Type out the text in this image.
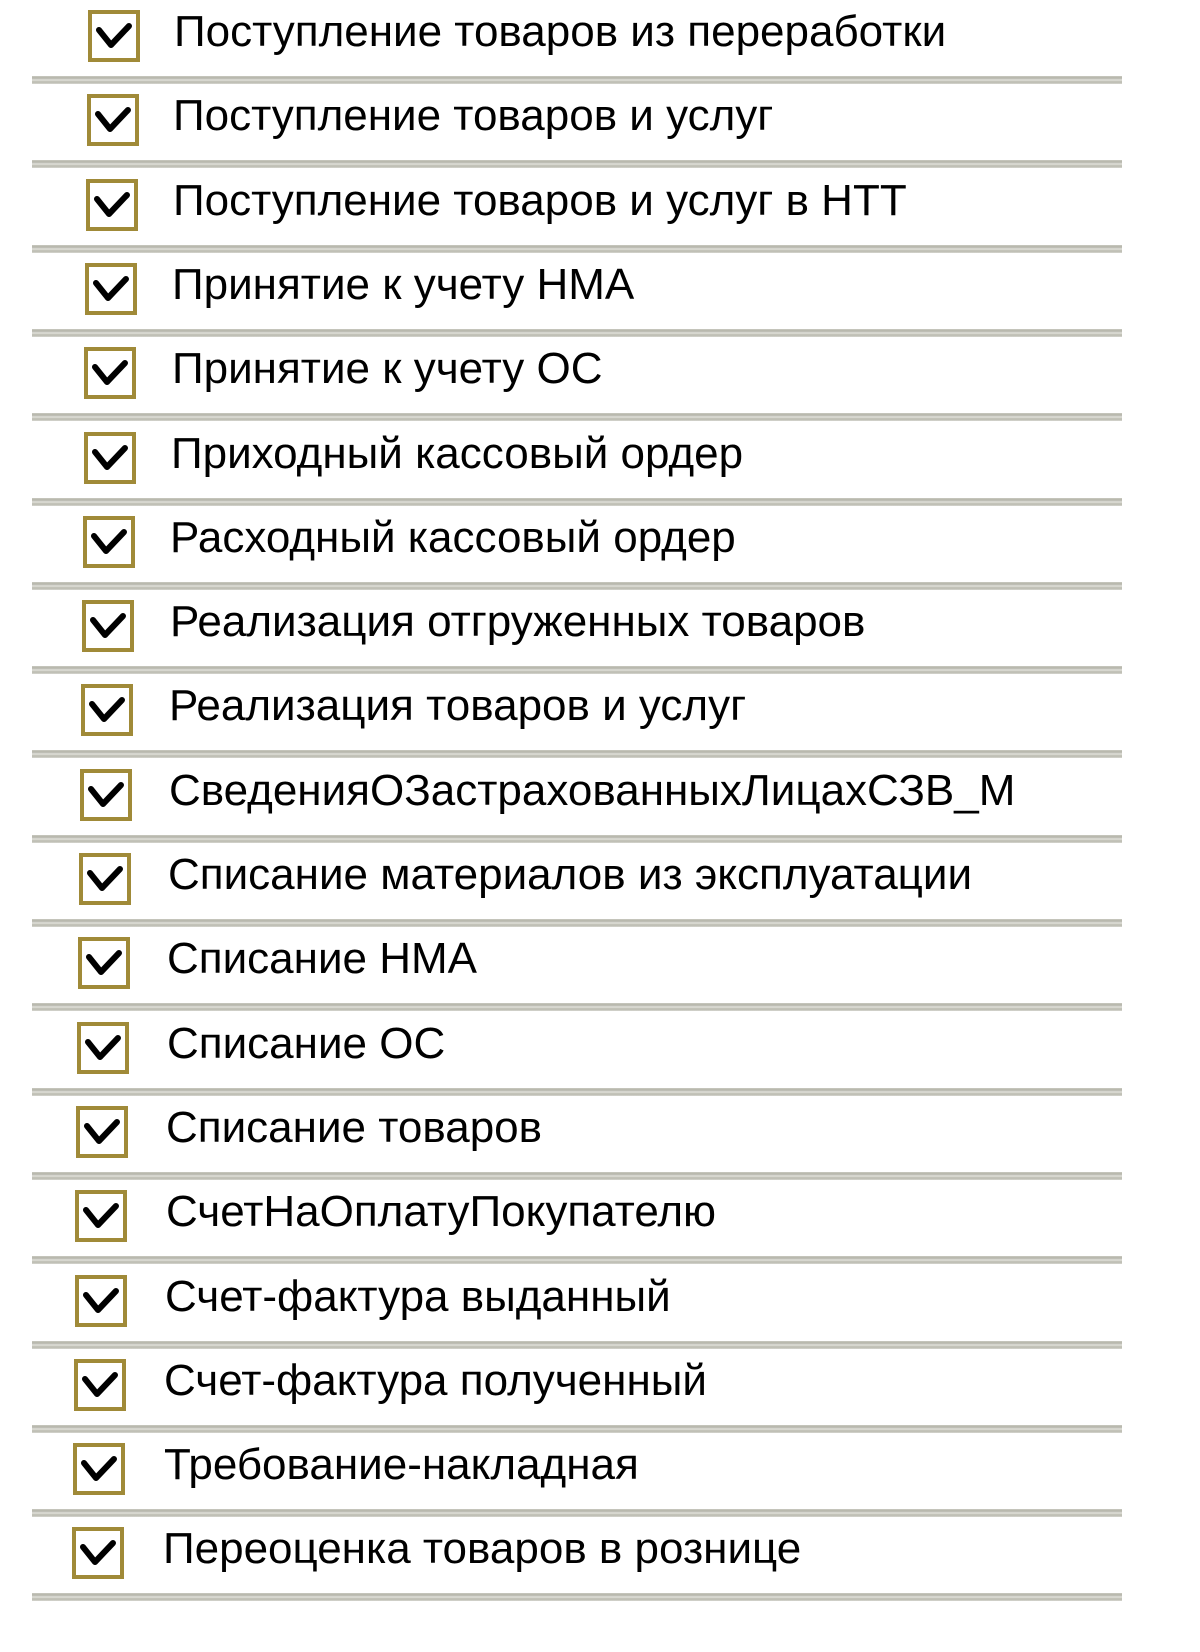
Поступление товаров из переработки
Поступление товаров и услуг
Поступление товаров и услуг в НТТ
Принятие к учету НМА
Принятие к учету ОС
Приходный кассовый ордер
Расходный кассовый ордер
Реализация отгруженных товаров
Реализация товаров и услуг
СведенияОЗастрахованныхЛицахСЗВ_М
Списание материалов из эксплуатации
Списание НМА
Списание ОС
Списание товаров
СчетНаОплатуПокупателю
Счет-фактура выданный
Счет-фактура полученный
Требование-накладная
Переоценка товаров в рознице
